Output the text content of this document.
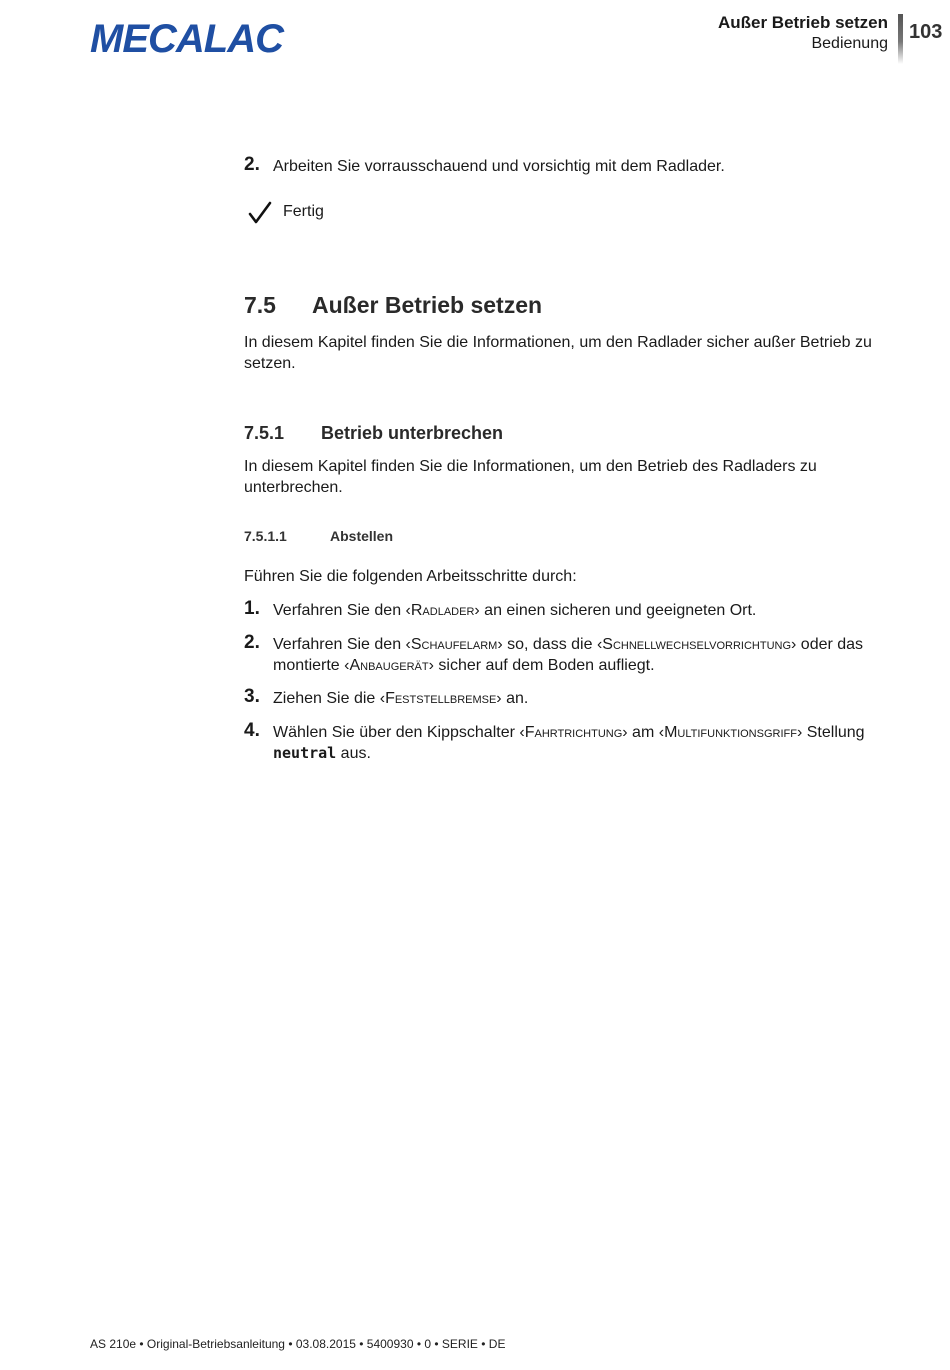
MECALAC	Außer Betrieb setzen
Bedienung
103
2. Arbeiten Sie vorrausschauend und vorsichtig mit dem Radlader.
Fertig
7.5 Außer Betrieb setzen
In diesem Kapitel finden Sie die Informationen, um den Radlader sicher außer Betrieb zu setzen.
7.5.1 Betrieb unterbrechen
In diesem Kapitel finden Sie die Informationen, um den Betrieb des Radladers zu unterbrechen.
7.5.1.1	Abstellen
Führen Sie die folgenden Arbeitsschritte durch:
1. Verfahren Sie den ‹Radlader› an einen sicheren und geeigneten Ort.
2. Verfahren Sie den ‹Schaufelarm› so, dass die ‹Schnellwechselvorrichtung› oder das montierte ‹Anbaugerät› sicher auf dem Boden aufliegt.
3. Ziehen Sie die ‹Feststellbremse› an.
4. Wählen Sie über den Kippschalter ‹Fahrtrichtung› am ‹Multifunktionsgriff› Stellung neutral aus.
AS 210e • Original-Betriebsanleitung • 03.08.2015 • 5400930 • 0 • SERIE • DE
